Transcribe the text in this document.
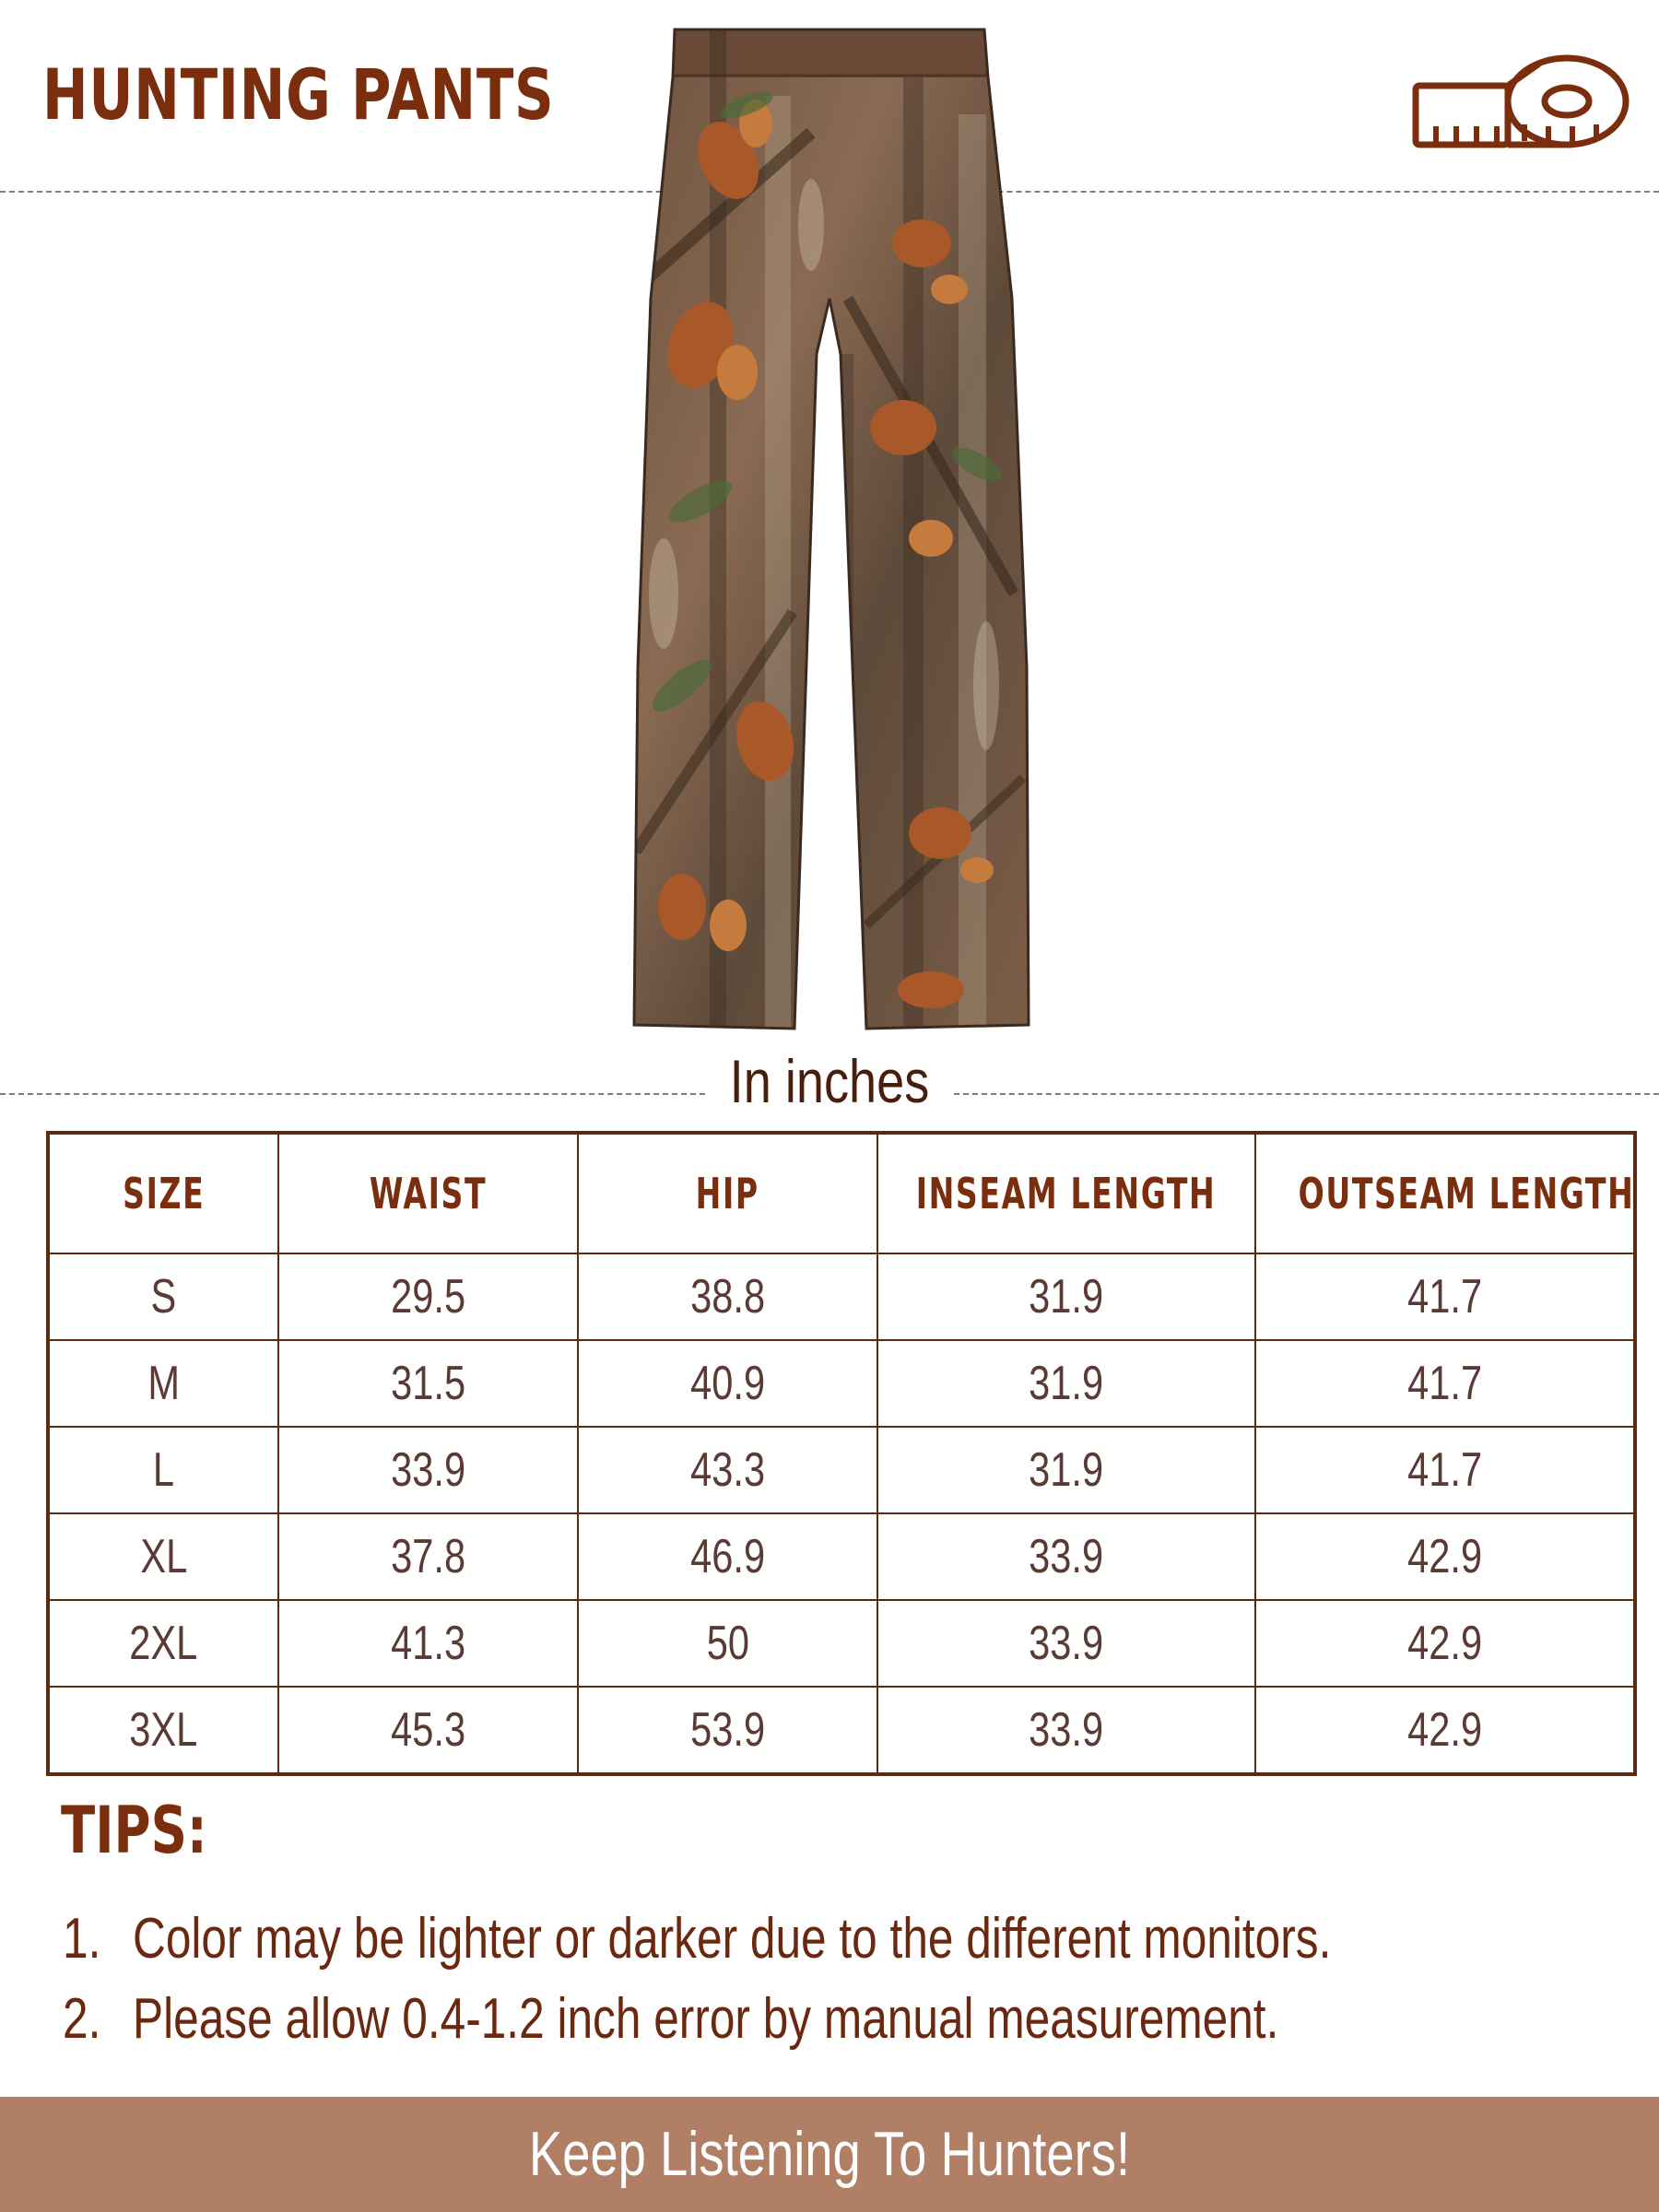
HUNTING PANTS
In inches
SIZE	WAIST	HIP	INSEAM LENGTH	OUTSEAM LENGTH
S	29.5	38.8	31.9	41.7
M	31.5	40.9	31.9	41.7
L	33.9	43.3	31.9	41.7
XL	37.8	46.9	33.9	42.9
2XL	41.3	50	33.9	42.9
3XL	45.3	53.9	33.9	42.9
TIPS:
1. Color may be lighter or darker due to the different monitors.
2. Please allow 0.4-1.2 inch error by manual measurement.
Keep Listening To Hunters!
